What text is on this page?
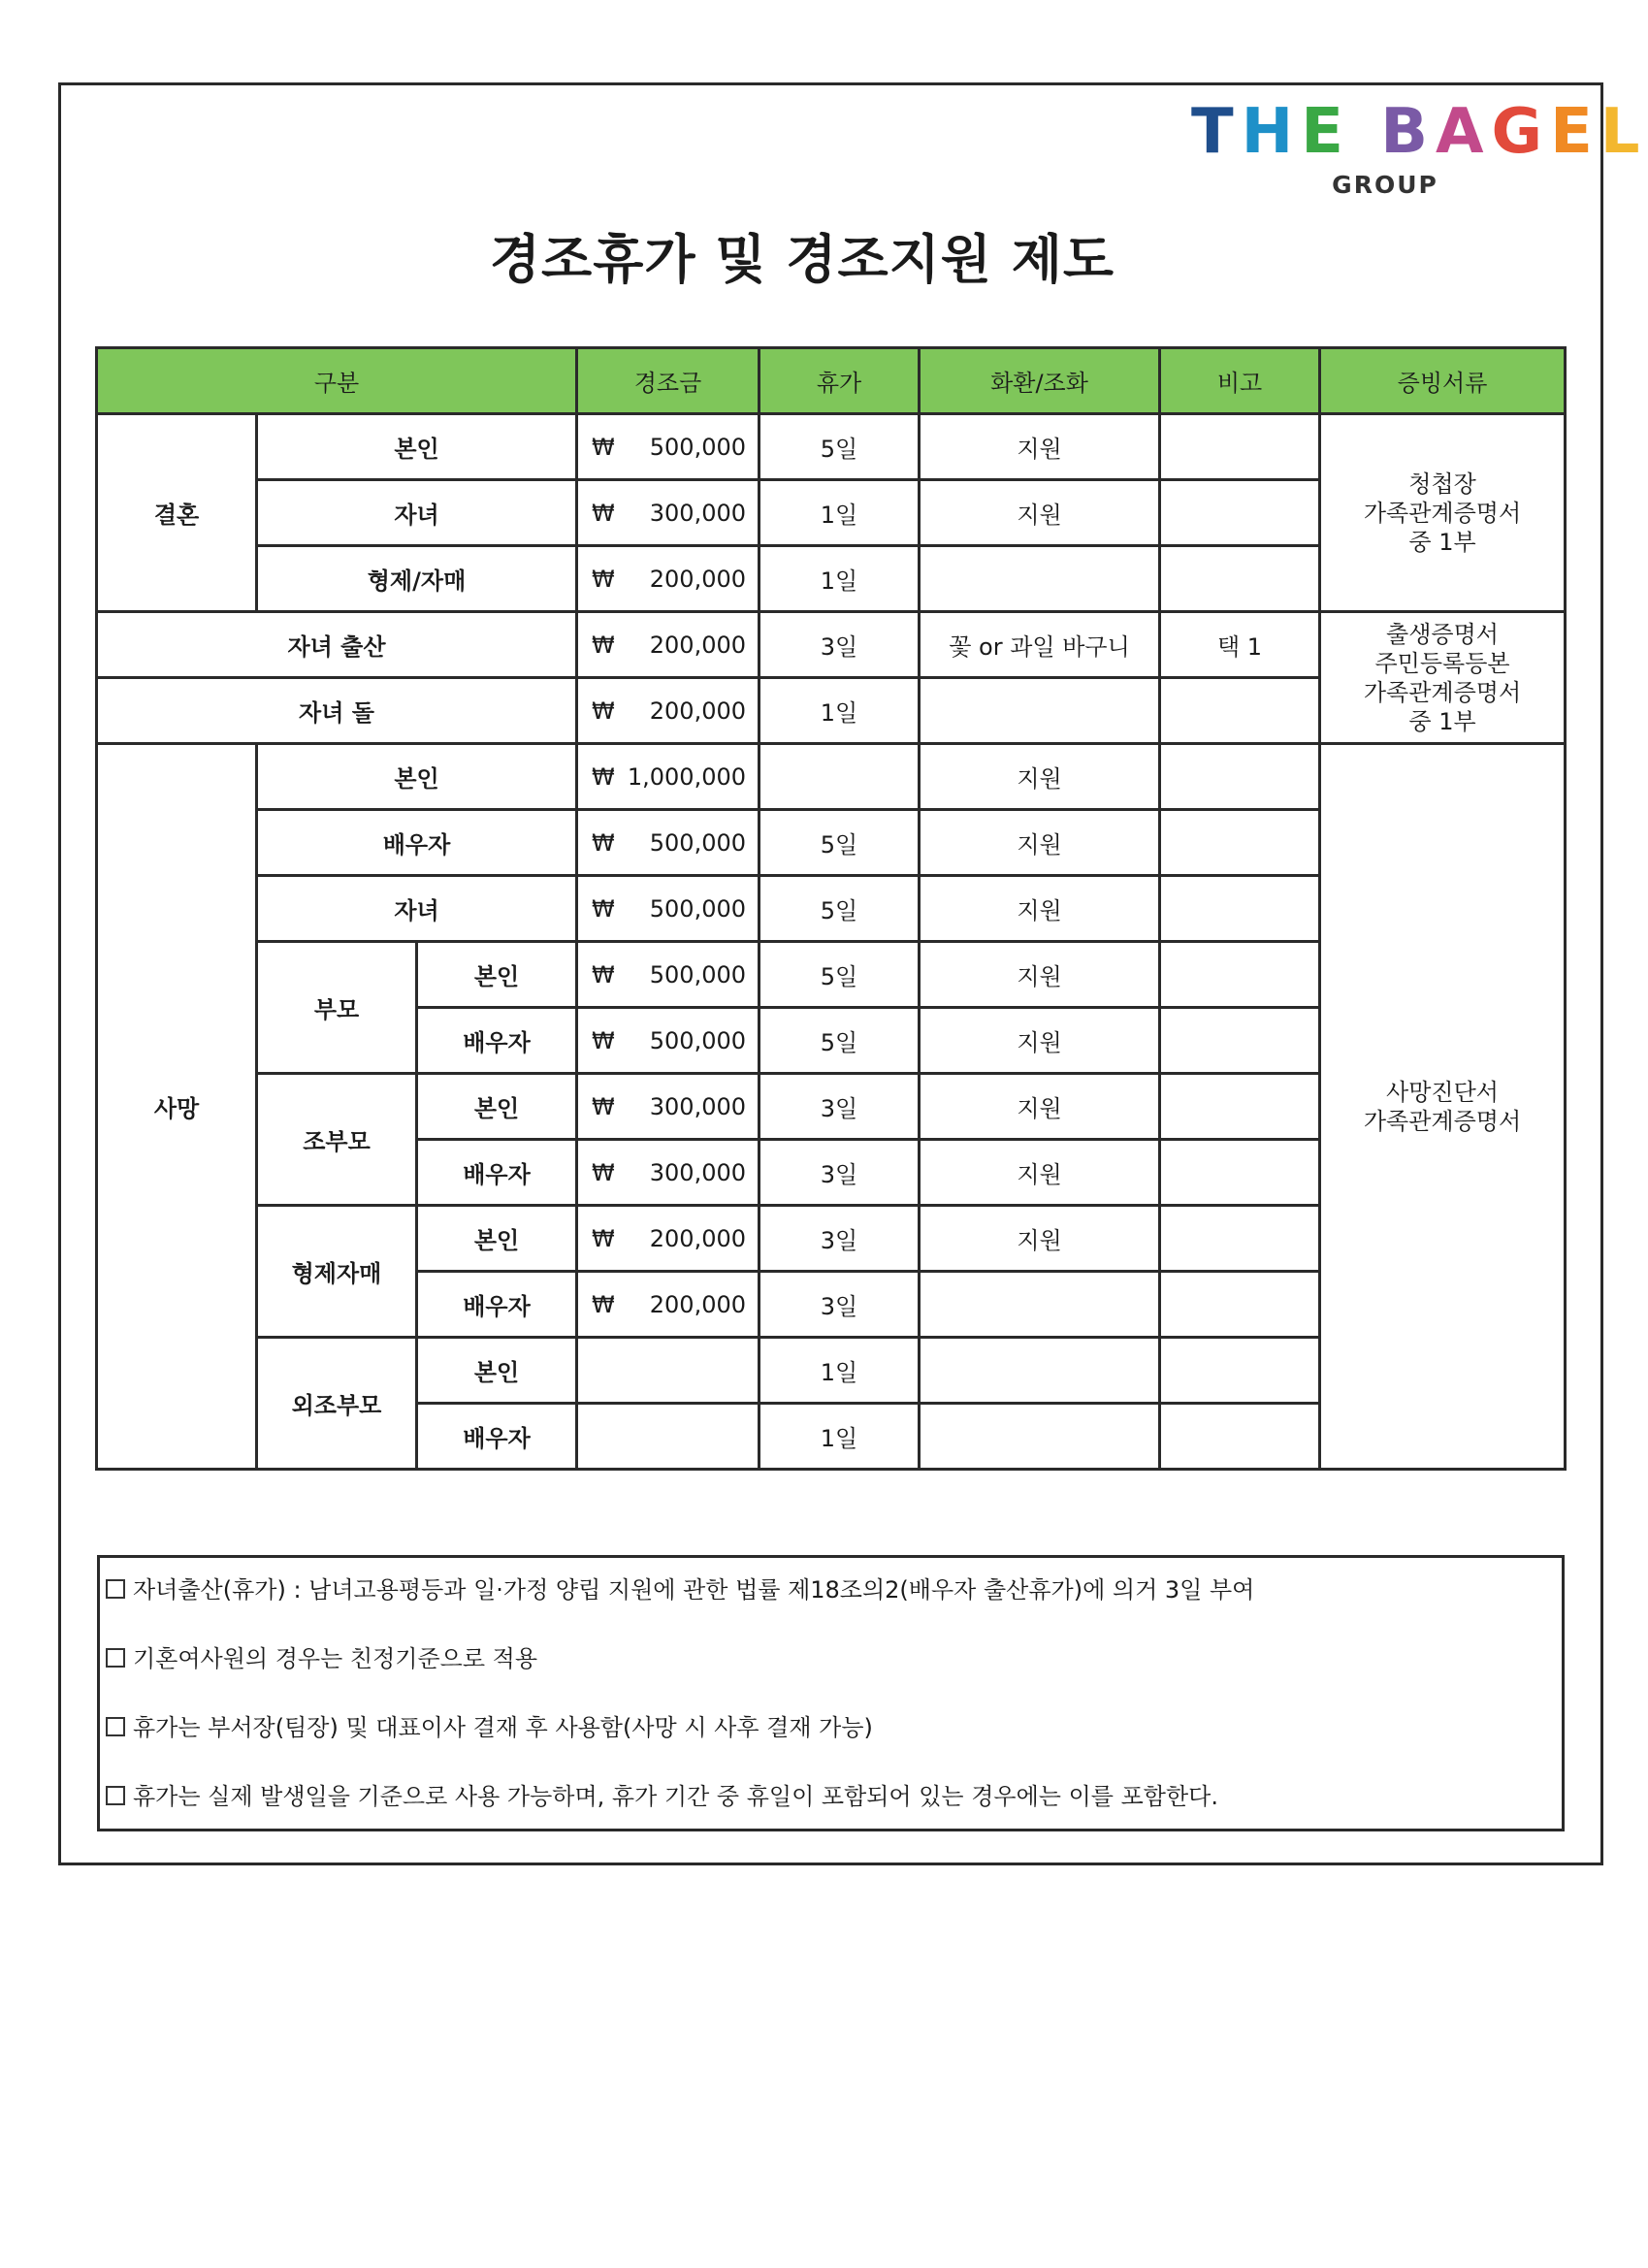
THE BAGEL
GROUP
경조휴가 및 경조지원 제도
구분			경조금	휴가	화환/조화	비고	증빙서류
결혼	본인		₩ 500,000	5일	지원		청첩장
가족관계증명서
중 1부
	자녀		₩ 300,000	1일	지원		
	형제/자매		₩ 200,000	1일			
자녀 출산			₩ 200,000	3일	꽃 or 과일 바구니	택 1	출생증명서
주민등록등본
가족관계증명서
중 1부
자녀 돌			₩ 200,000	1일			
사망	본인		₩ 1,000,000		지원		사망진단서
가족관계증명서
	배우자		₩ 500,000	5일	지원		
	자녀		₩ 500,000	5일	지원		
	부모	본인	₩ 500,000	5일	지원		
		배우자	₩ 500,000	5일	지원		
	조부모	본인	₩ 300,000	3일	지원		
		배우자	₩ 300,000	3일	지원		
	형제자매	본인	₩ 200,000	3일	지원		
		배우자	₩ 200,000	3일			
	외조부모	본인		1일			
		배우자		1일			
자녀출산(휴가) : 남녀고용평등과 일·가정 양립 지원에 관한 법률 제18조의2(배우자 출산휴가)에 의거 3일 부여
기혼여사원의 경우는 친정기준으로 적용
휴가는 부서장(팀장) 및 대표이사 결재 후 사용함(사망 시 사후 결재 가능)
휴가는 실제 발생일을 기준으로 사용 가능하며, 휴가 기간 중 휴일이 포함되어 있는 경우에는 이를 포함한다.
